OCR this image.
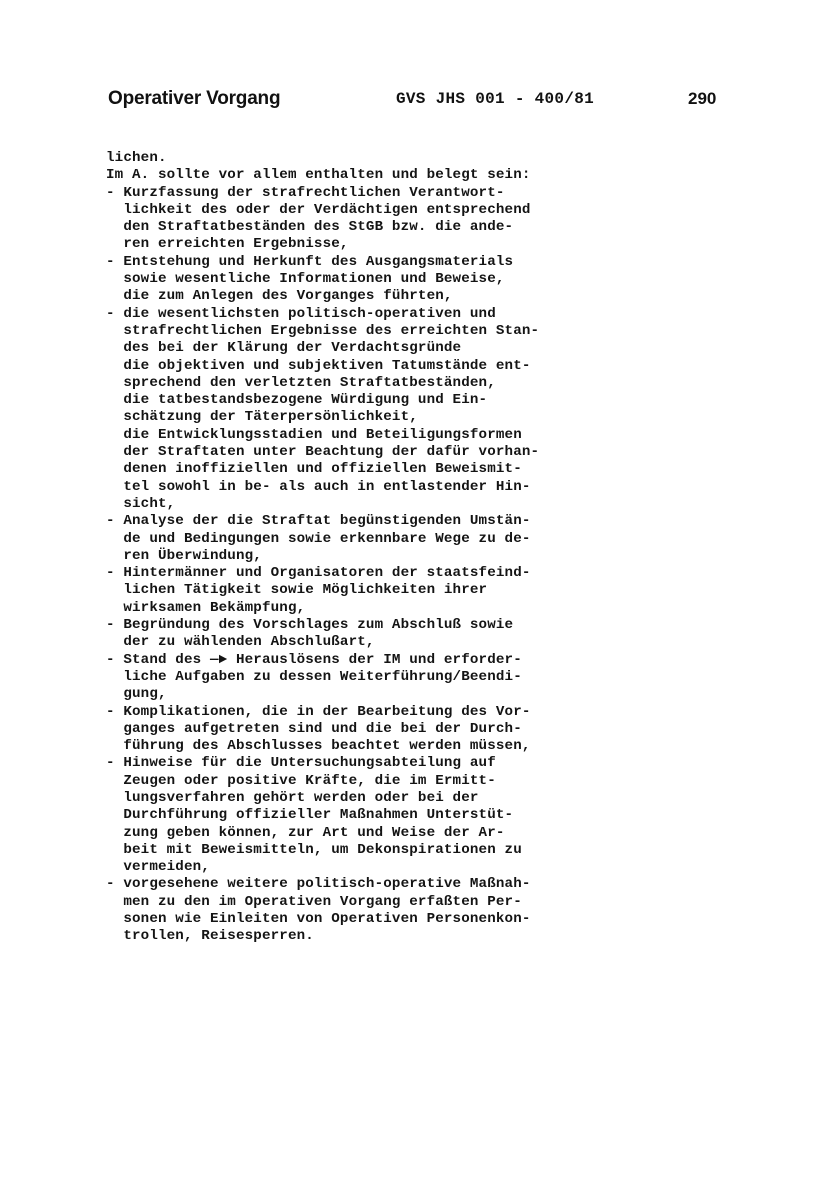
Operativer Vorgang	GVS JHS 001 - 400/81	290
lichen.
Im A. sollte vor allem enthalten und belegt sein:
- Kurzfassung der strafrechtlichen Verantwort-
lichkeit des oder der Verdächtigen entsprechend
den Straftatbeständen des StGB bzw. die ande-
ren erreichten Ergebnisse,
- Entstehung und Herkunft des Ausgangsmaterials
sowie wesentliche Informationen und Beweise,
die zum Anlegen des Vorganges führten,
- die wesentlichsten politisch-operativen und
strafrechtlichen Ergebnisse des erreichten Stan-
des bei der Klärung der Verdachtsgründe
die objektiven und subjektiven Tatumstände ent-
sprechend den verletzten Straftatbeständen,
die tatbestandsbezogene Würdigung und Ein-
schätzung der Täterpersönlichkeit,
die Entwicklungsstadien und Beteiligungsformen
der Straftaten unter Beachtung der dafür vorhan-
denen inoffiziellen und offiziellen Beweismit-
tel sowohl in be- als auch in entlastender Hin-
sicht,
- Analyse der die Straftat begünstigenden Umstän-
de und Bedingungen sowie erkennbare Wege zu de-
ren Überwindung,
- Hintermänner und Organisatoren der staatsfeind-
lichen Tätigkeit sowie Möglichkeiten ihrer
wirksamen Bekämpfung,
- Begründung des Vorschlages zum Abschluß sowie
der zu wählenden Abschlußart,
- Stand des —► Herauslösens der IM und erforder-
liche Aufgaben zu dessen Weiterführung/Beendi-
gung,
- Komplikationen, die in der Bearbeitung des Vor-
ganges aufgetreten sind und die bei der Durch-
führung des Abschlusses beachtet werden müssen,
- Hinweise für die Untersuchungsabteilung auf
Zeugen oder positive Kräfte, die im Ermitt-
lungsverfahren gehört werden oder bei der
Durchführung offizieller Maßnahmen Unterstüt-
zung geben können, zur Art und Weise der Ar-
beit mit Beweismitteln, um Dekonspirationen zu
vermeiden,
- vorgesehene weitere politisch-operative Maßnah-
men zu den im Operativen Vorgang erfaßten Per-
sonen wie Einleiten von Operativen Personenkon-
trollen, Reisesperren.
